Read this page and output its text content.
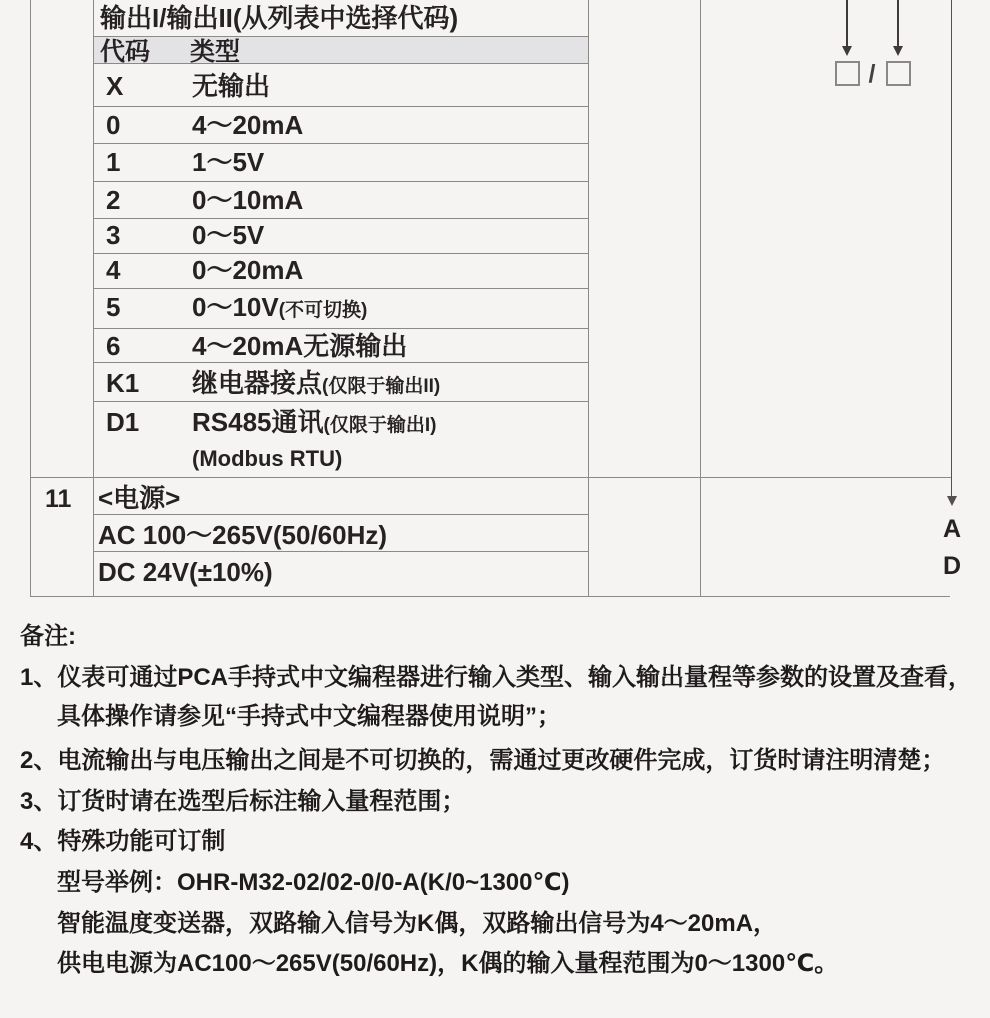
输出I/输出II(从列表中选择代码)
代码 类型
X	无输出
0	4～20mA
1	1～5V
2	0～10mA
3	0～5V
4	0～20mA
5	0～10V(不可切换)
6	4～20mA无源输出
K1 继电器接点(仅限于输出II)
D1 RS485通讯(仅限于输出I)
(Modbus RTU)
11 <电源>
AC 100～265V(50/60Hz)
DC 24V(±10%)
/
A
D
备注:
1、仪表可通过PCA手持式中文编程器进行输入类型、输入输出量程等参数的设置及查看，
具体操作请参见“手持式中文编程器使用说明”；
2、电流输出与电压输出之间是不可切换的，需通过更改硬件完成，订货时请注明清楚；
3、订货时请在选型后标注输入量程范围；
4、特殊功能可订制
型号举例：OHR-M32-02/02-0/0-A(K/0~1300℃)
智能温度变送器，双路输入信号为K偶，双路输出信号为4～20mA，
供电电源为AC100～265V(50/60Hz)，K偶的输入量程范围为0～1300℃。
